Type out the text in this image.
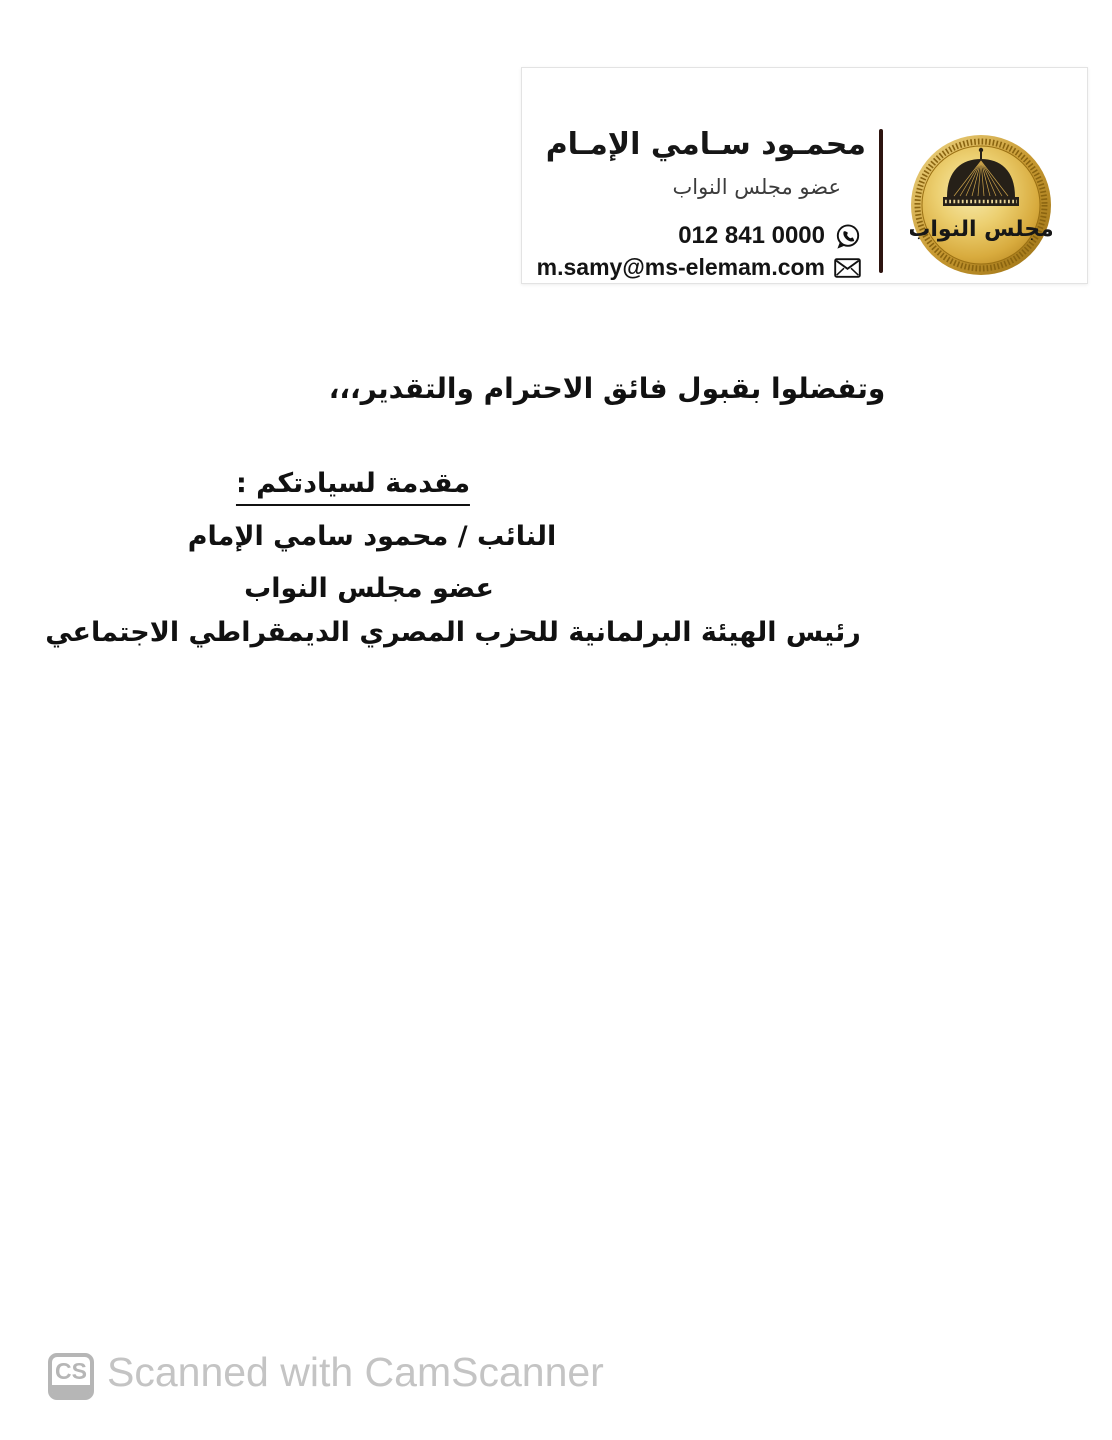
محمـود سـامي الإمـام
عضو مجلس النواب
012 841 0000
m.samy@ms-elemam.com
مجلس النواب
وتفضلوا بقبول فائق الاحترام والتقدير،،،
مقدمة لسيادتكم :
النائب / محمود سامي الإمام
عضو مجلس النواب
رئيس الهيئة البرلمانية للحزب المصري الديمقراطي الاجتماعي
CS Scanned with CamScanner
